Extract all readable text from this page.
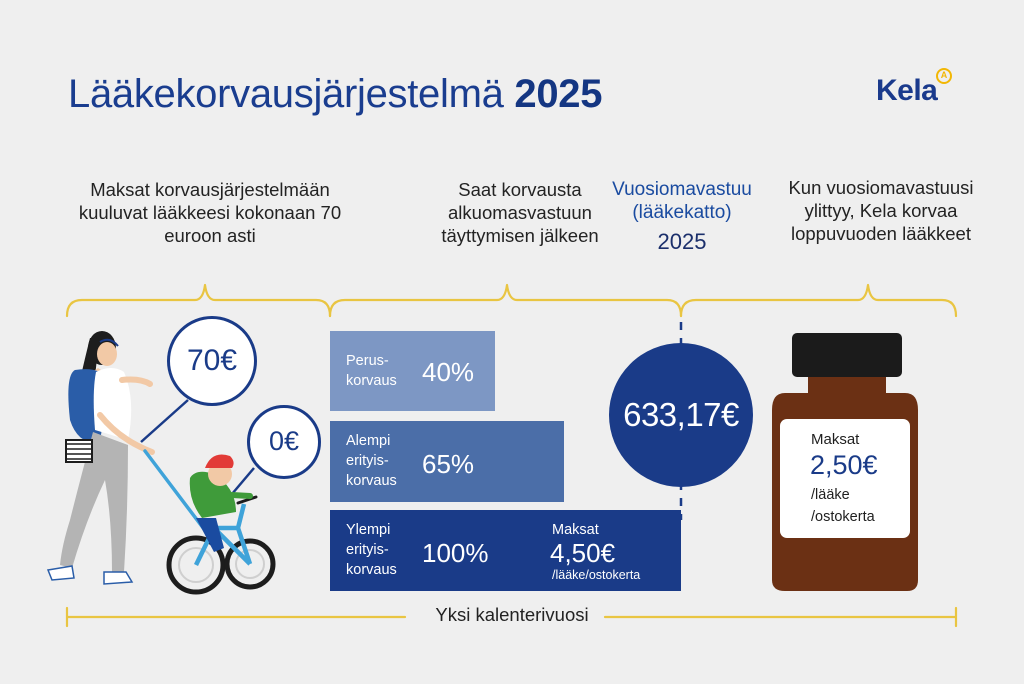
Lääkekorvausjärjestelmä 2025	Kela A
Maksat korvausjärjestelmään kuuluvat lääkkeesi kokonaan 70 euroon asti
Saat korvausta alkuomasvastuun täyttymisen jälkeen
Vuosiomavastuu (lääkekatto)
2025
Kun vuosiomavastuusi ylittyy, Kela korvaa loppuvuoden lääkkeet
70€
0€
Perus-korvaus 40%
Alempi erityis-korvaus
65%
Ylempi erityis-korvaus
100%
Maksat
4,50€
/lääke/ostokerta
633,17€
Maksat
2,50€
/lääke
/ostokerta
Yksi kalenterivuosi
